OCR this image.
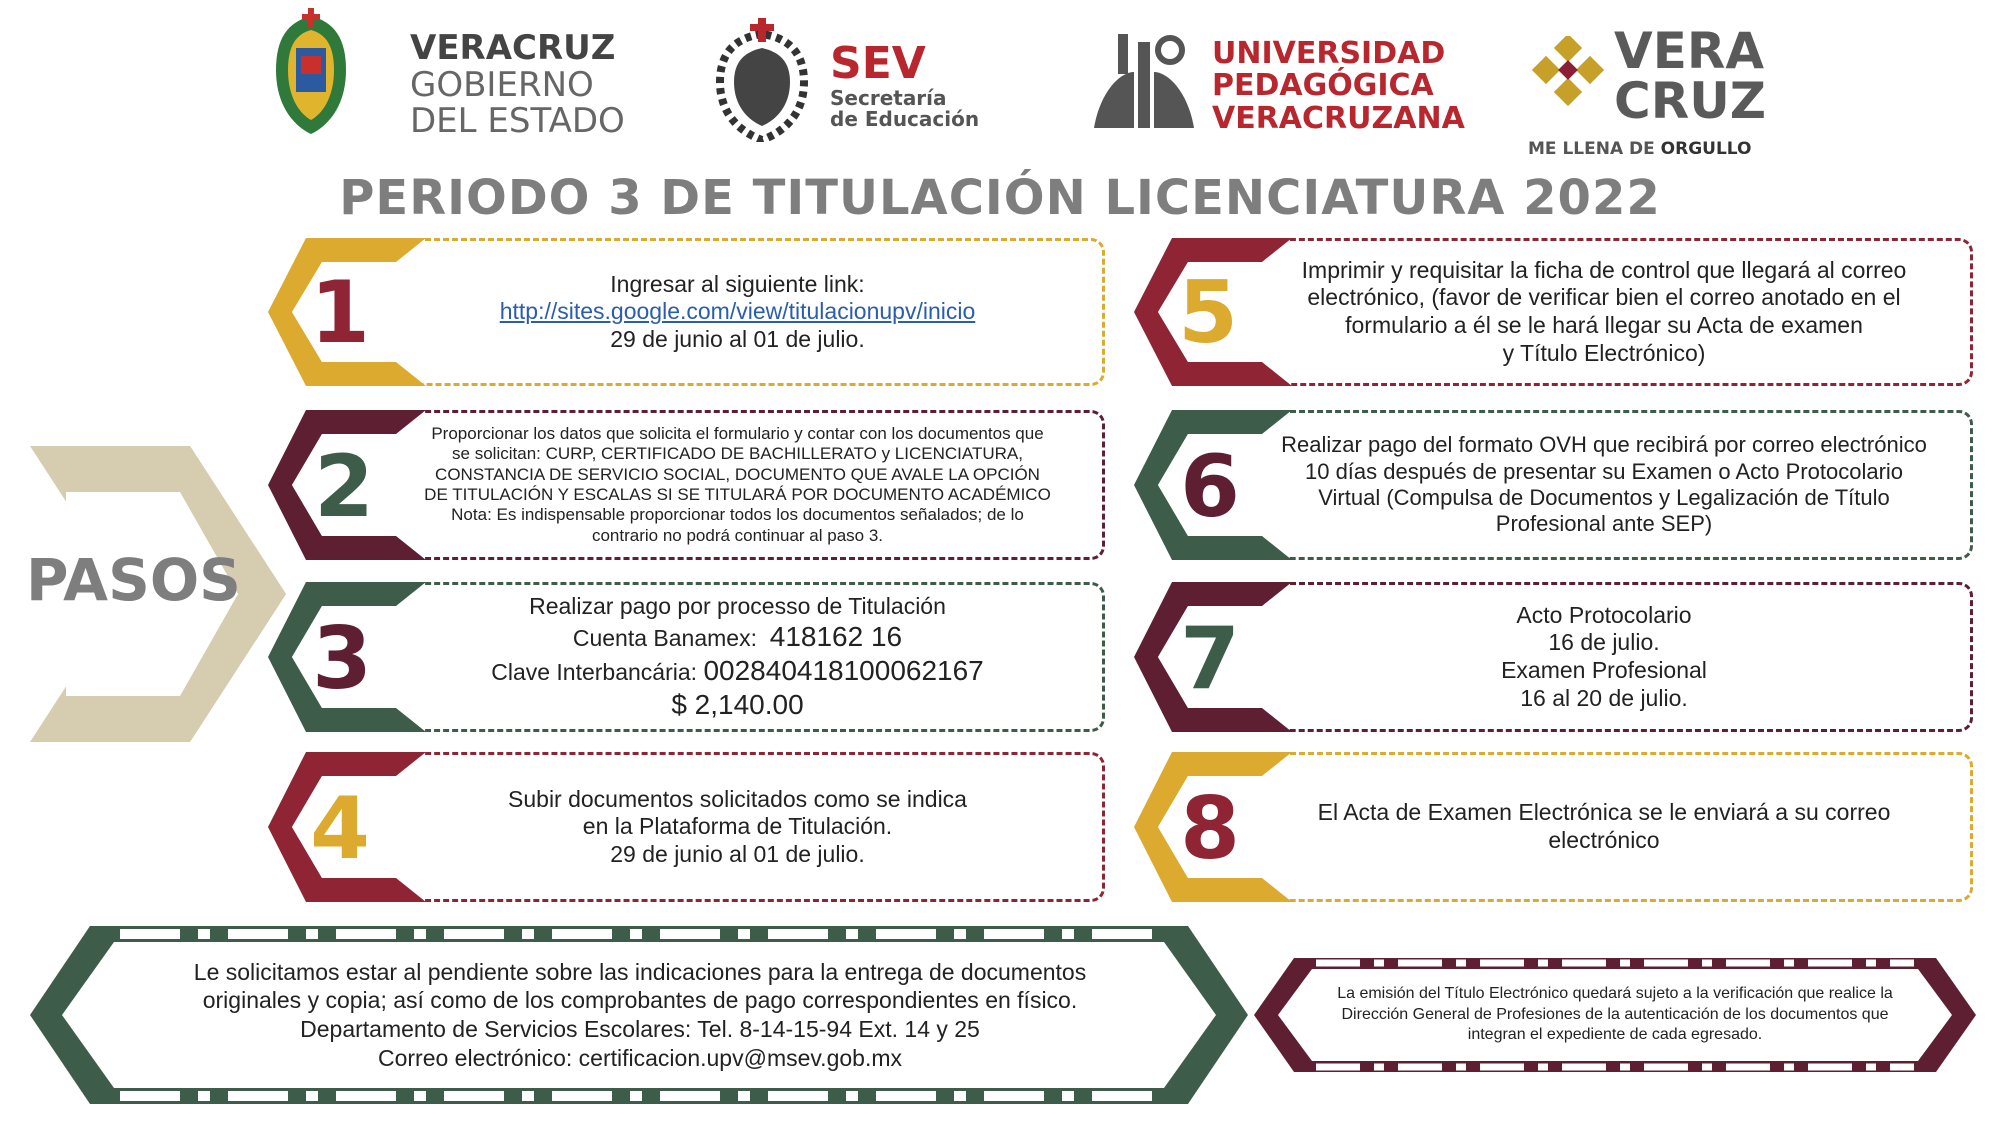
VERACRUZ
GOBIERNO
DEL ESTADO
SEV
Secretaría
de Educación
UNIVERSIDAD
PEDAGÓGICA
VERACRUZANA
VERA
CRUZ
ME LLENA DE ORGULLO
PERIODO 3 DE TITULACIÓN LICENCIATURA 2022
PASOS
Ingresar al siguiente link:
http://sites.google.com/view/titulacionupv/inicio
29 de junio al 01 de julio.
1
Proporcionar los datos que solicita el formulario y contar con los documentos que
se solicitan: CURP, CERTIFICADO DE BACHILLERATO y LICENCIATURA,
CONSTANCIA DE SERVICIO SOCIAL, DOCUMENTO QUE AVALE LA OPCIÓN
DE TITULACIÓN Y ESCALAS SI SE TITULARÁ POR DOCUMENTO ACADÉMICO
Nota: Es indispensable proporcionar todos los documentos señalados; de lo
contrario no podrá continuar al paso 3.
2
Realizar pago por processo de Titulación
Cuenta Banamex: 418162 16
Clave Interbancária: 002840418100062167
$ 2,140.00
3
Subir documentos solicitados como se indica
en la Plataforma de Titulación.
29 de junio al 01 de julio.
4
Imprimir y requisitar la ficha de control que llegará al correo
electrónico, (favor de verificar bien el correo anotado en el
formulario a él se le hará llegar su Acta de examen
y Título Electrónico)
5
Realizar pago del formato OVH que recibirá por correo electrónico
10 días después de presentar su Examen o Acto Protocolario
Virtual (Compulsa de Documentos y Legalización de Título
Profesional ante SEP)
6
Acto Protocolario
16 de julio.
Examen Profesional
16 al 20 de julio.
7
El Acta de Examen Electrónica se le enviará a su correo
electrónico
8
Le solicitamos estar al pendiente sobre las indicaciones para la entrega de documentos
originales y copia; así como de los comprobantes de pago correspondientes en físico.
Departamento de Servicios Escolares: Tel. 8-14-15-94 Ext. 14 y 25
Correo electrónico: certificacion.upv@msev.gob.mx
La emisión del Título Electrónico quedará sujeto a la verificación que realice la
Dirección General de Profesiones de la autenticación de los documentos que
integran el expediente de cada egresado.
